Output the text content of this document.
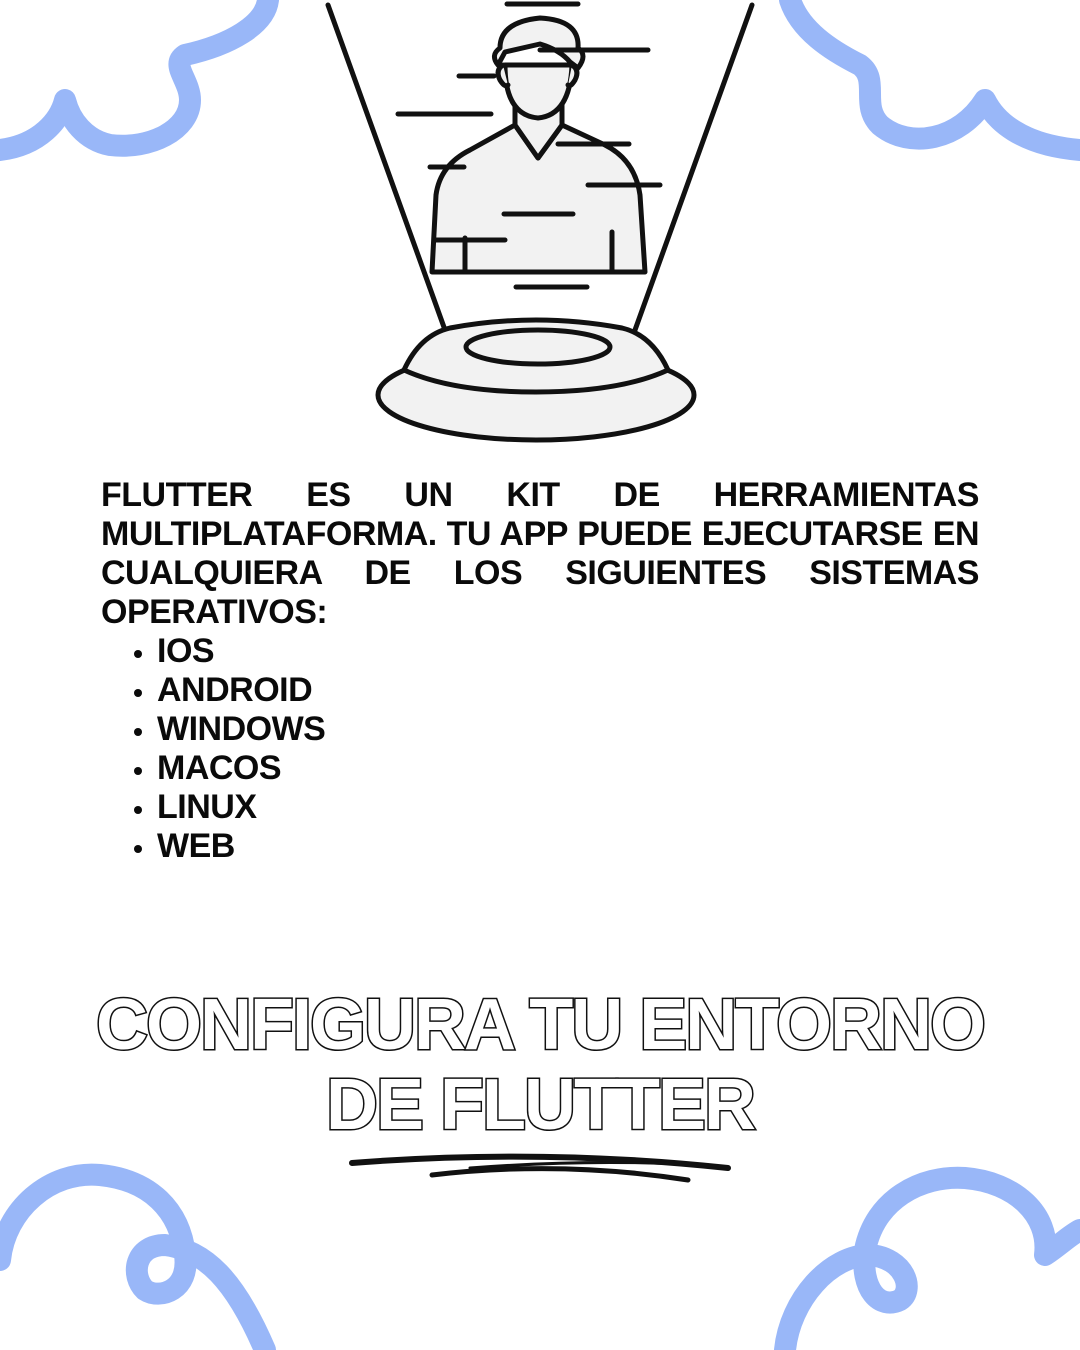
FLUTTER ES UN KIT DE HERRAMIENTAS MULTIPLATAFORMA. TU APP PUEDE EJECUTARSE EN CUALQUIERA DE LOS SIGUIENTES SISTEMAS OPERATIVOS:

• IOS
• ANDROID
• WINDOWS
• MACOS
• LINUX
• WEB
CONFIGURA TU ENTORNO
DE FLUTTER
